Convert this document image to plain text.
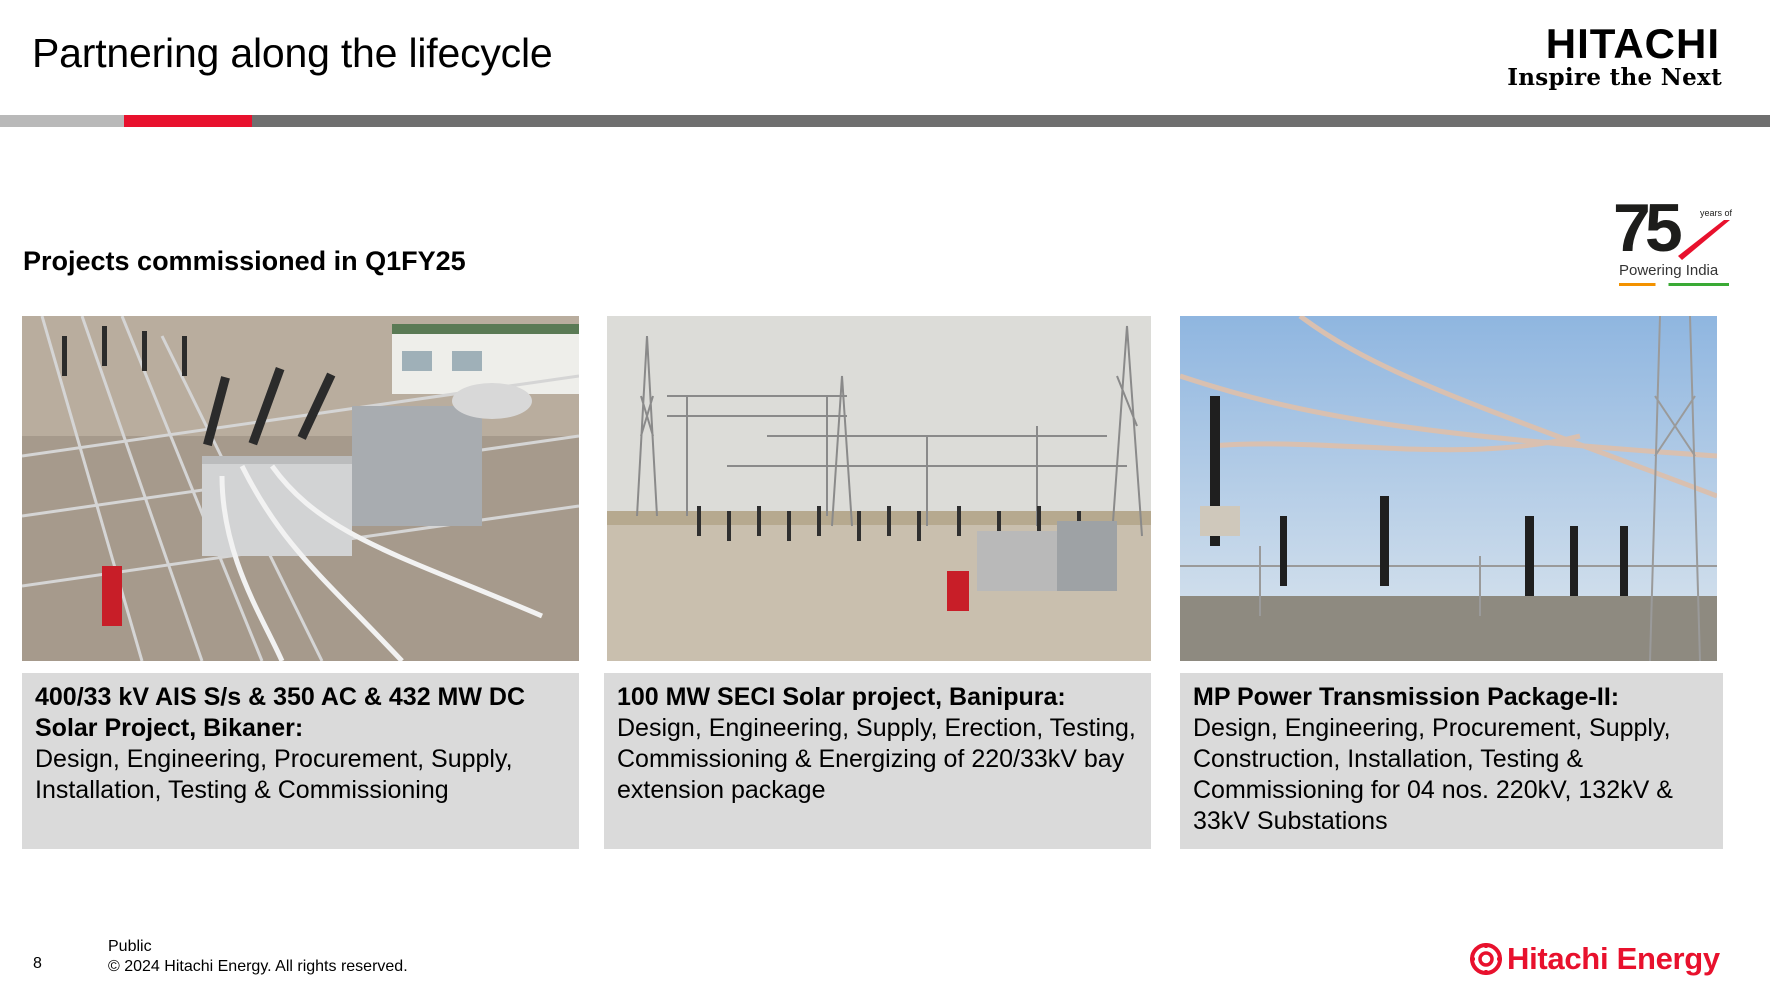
Partnering along the lifecycle	HITACHI
Inspire the Next
Projects commissioned in Q1FY25	75	years of
Powering India
400/33 kV AIS S/s & 350 AC & 432 MW DC Solar Project, Bikaner:
Design, Engineering, Procurement, Supply, Installation, Testing & Commissioning
100 MW SECI Solar project, Banipura:
Design, Engineering, Supply, Erection, Testing, Commissioning & Energizing of 220/33kV bay extension package
MP Power Transmission Package-II:
Design, Engineering, Procurement, Supply, Construction, Installation, Testing & Commissioning for 04 nos. 220kV, 132kV & 33kV Substations
8
Public
© 2024 Hitachi Energy. All rights reserved.	Hitachi Energy
